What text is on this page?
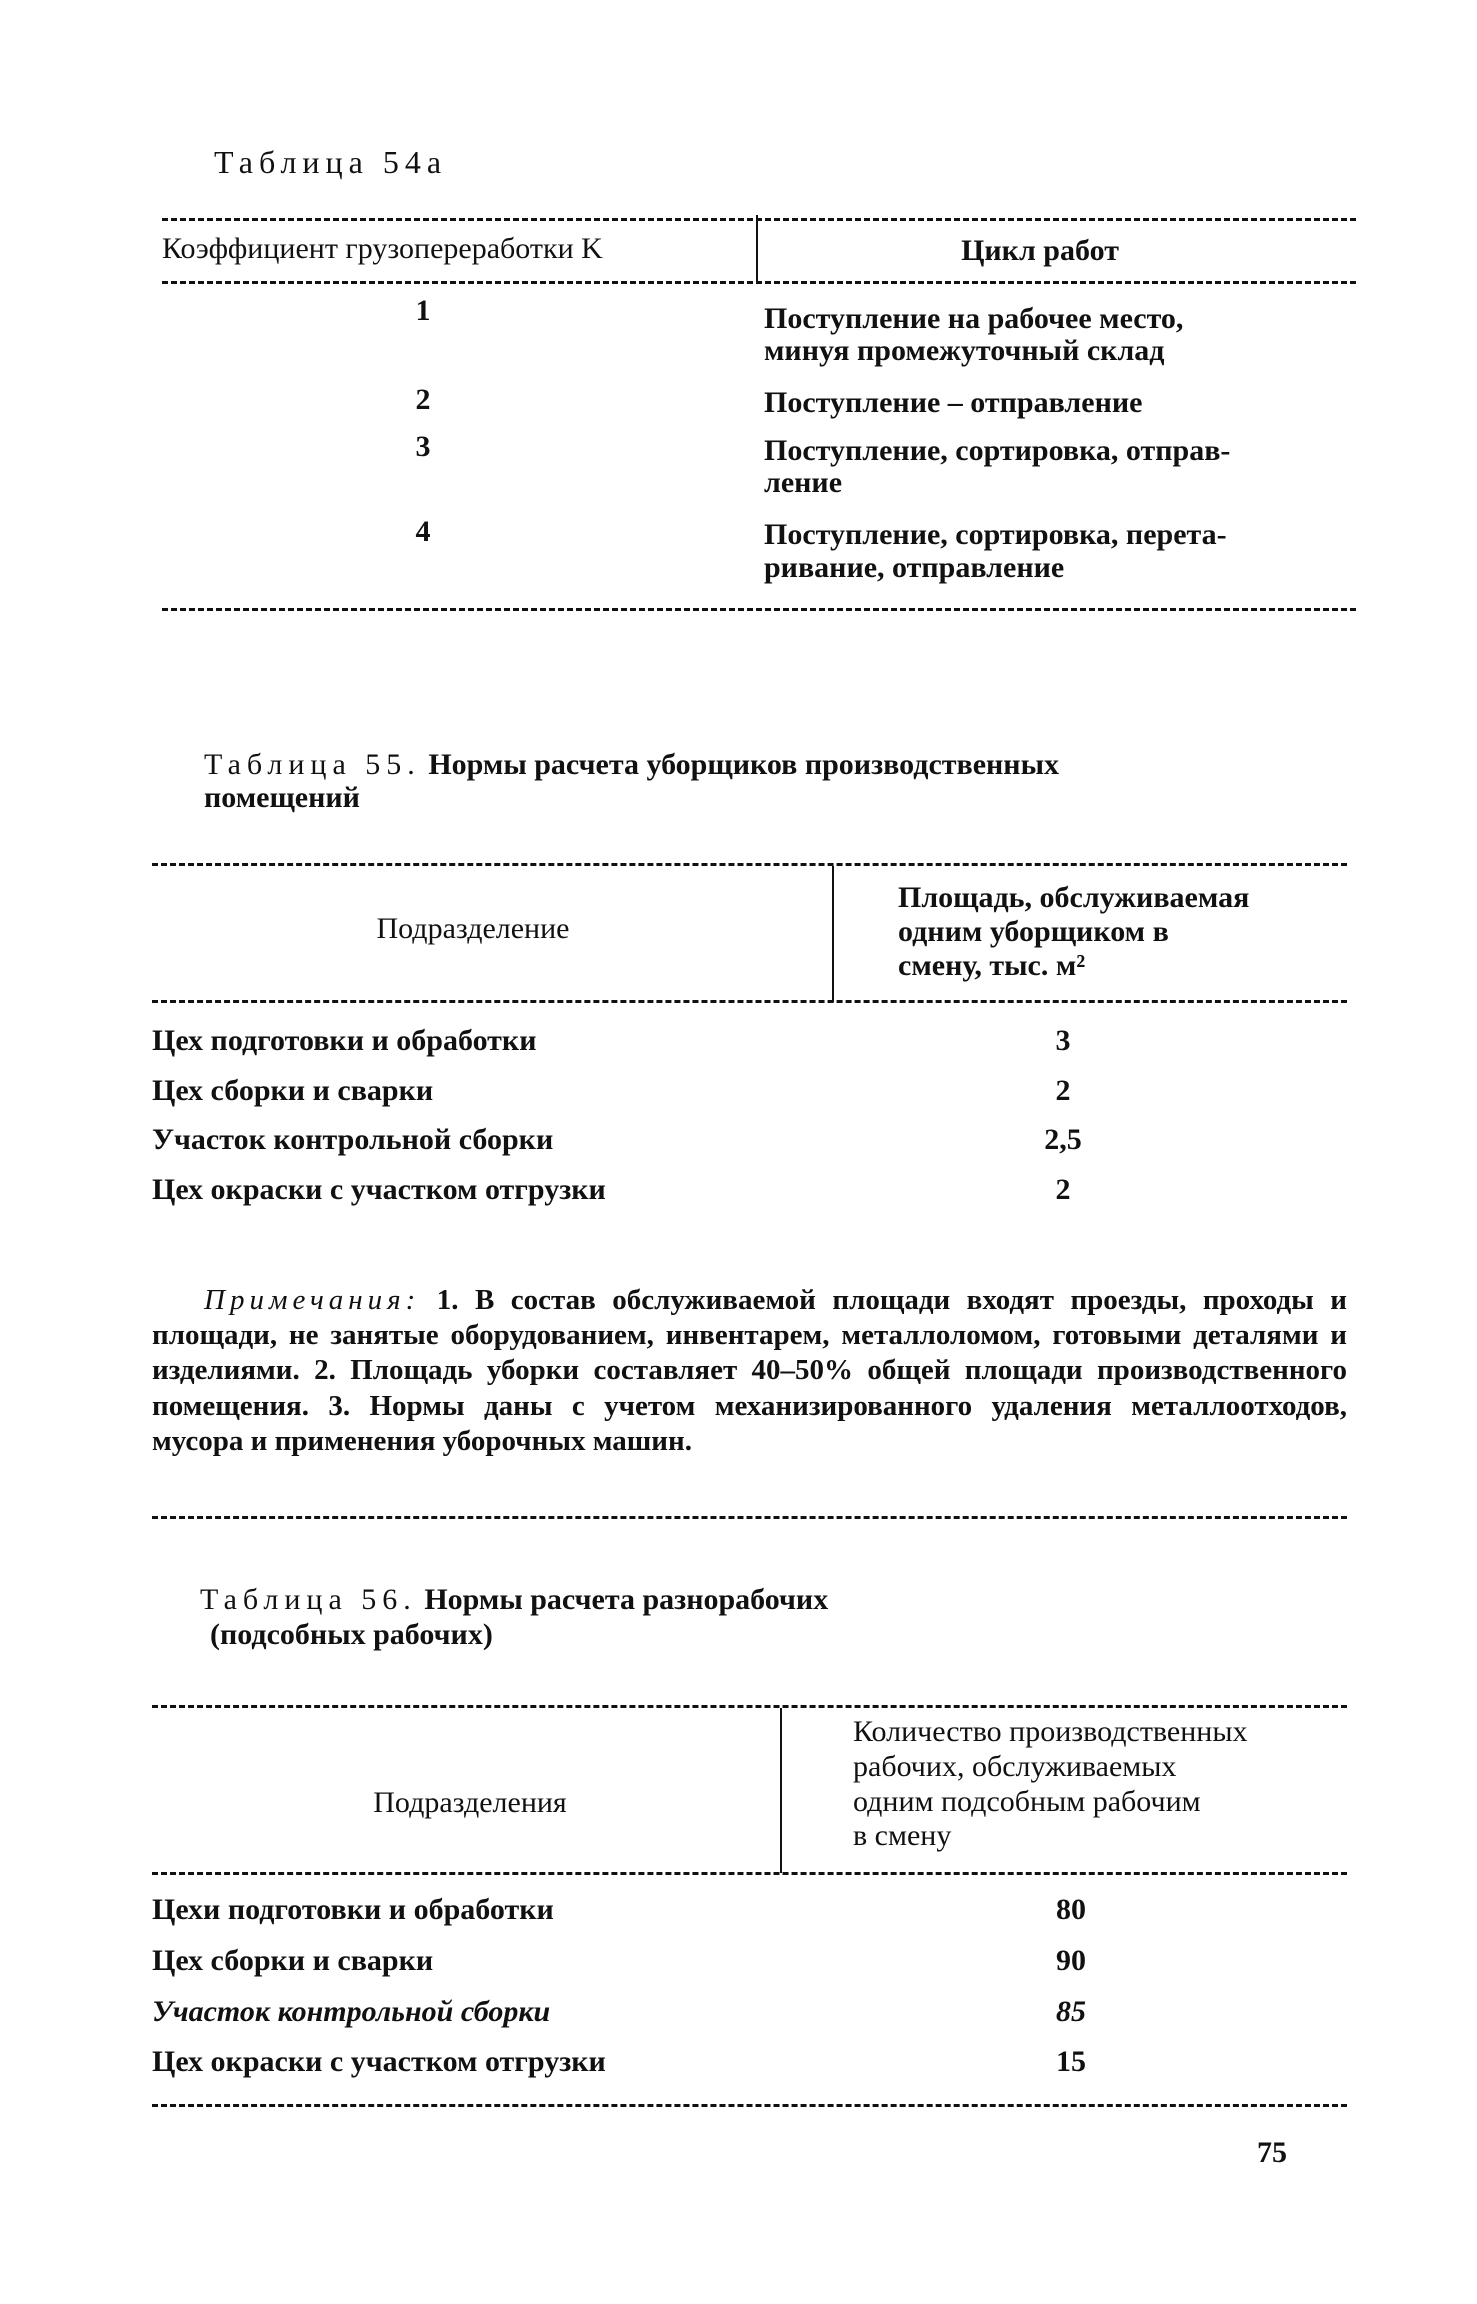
Таблица 54а
Коэффициент грузопереработки K	Цикл работ
1	Поступление на рабочее место,
минуя промежуточный склад
2	Поступление – отправление
3	Поступление, сортировка, отправ-
ление
4	Поступление, сортировка, перета-
ривание, отправление
Таблица 55. Нормы расчета уборщиков производственных
помещений
Подразделение
Площадь, обслуживаемая
одним уборщиком в
смену, тыс. м²
Цех подготовки и обработки	3
Цех сборки и сварки	2
Участок контрольной сборки	2,5
Цех окраски с участком отгрузки	2
Примечания: 1. В состав обслуживаемой площади входят проезды, проходы и площади, не занятые оборудованием, инвентарем, металлоломом, готовыми деталями и изделиями. 2. Площадь уборки составляет 40–50% общей площади производственного помещения. 3. Нормы даны с учетом механизированного удаления металлоотходов, мусора и применения уборочных машин.
Таблица 56. Нормы расчета разнорабочих
(подсобных рабочих)
Подразделения
Количество производственных
рабочих, обслуживаемых
одним подсобным рабочим
в смену
Цехи подготовки и обработки	80
Цех сборки и сварки	90
Участок контрольной сборки	85
Цех окраски с участком отгрузки	15
75
